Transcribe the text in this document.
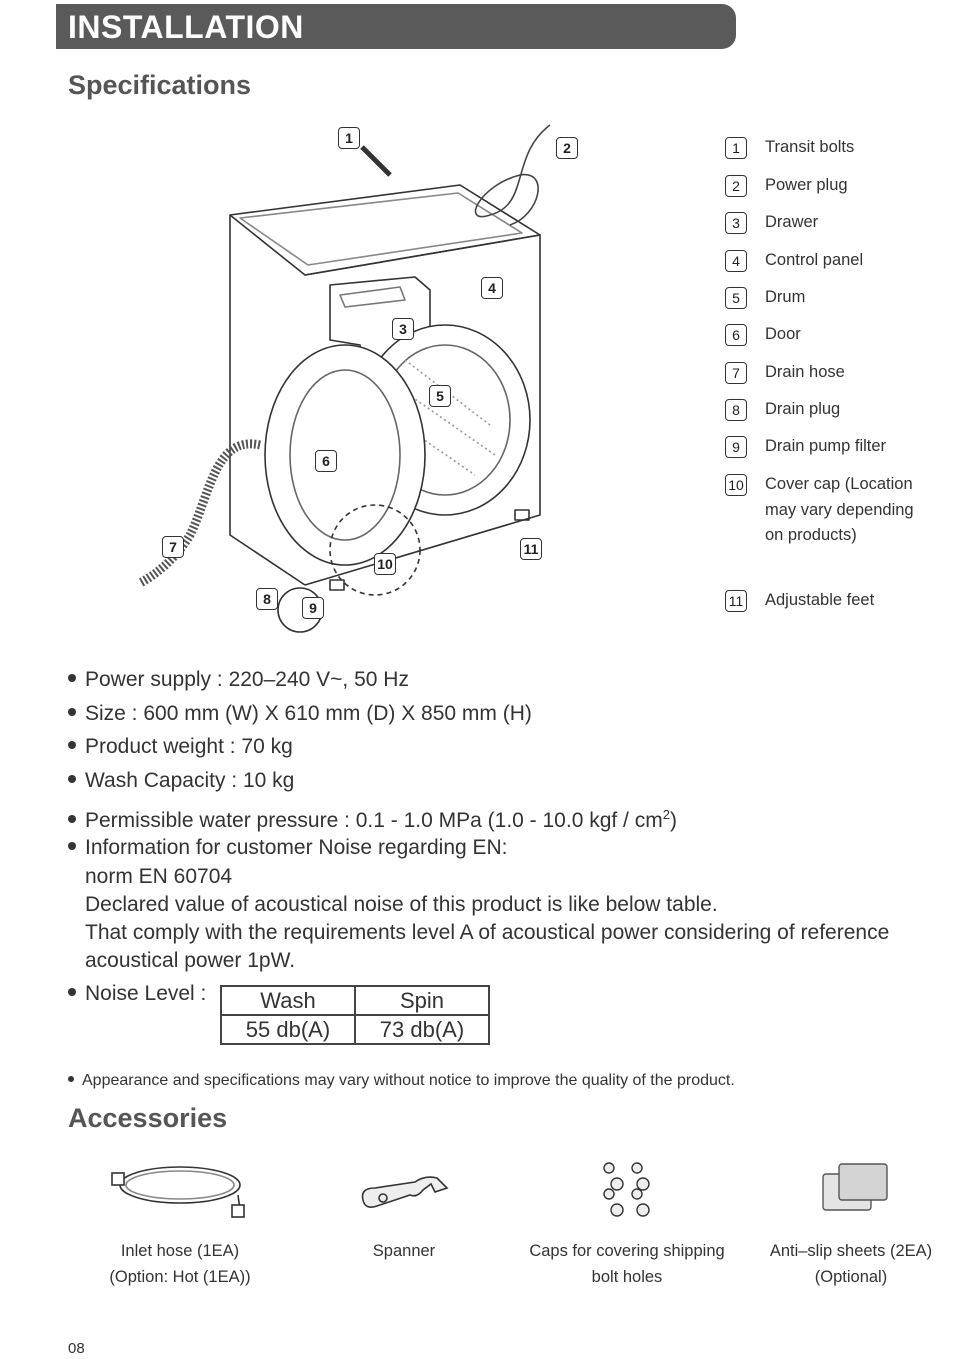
INSTALLATION
Specifications
1
2
3
4
5
6
7
8
9
10
11
1	Transit bolts
2	Power plug
3	Drawer
4	Control panel
5	Drum
6	Door
7	Drain hose
8	Drain plug
9	Drain pump filter
10 Cover cap (Location may vary depending on products)
11 Adjustable feet
Power supply : 220–240 V~, 50 Hz
Size : 600 mm (W) X 610 mm (D) X 850 mm (H)
Product weight : 70 kg
Wash Capacity : 10 kg
Permissible water pressure : 0.1 - 1.0 MPa (1.0 - 10.0 kgf / $cm^2$)
Information for customer Noise regarding EN:
norm EN 60704
Declared value of acoustical noise of this product is like below table.
That comply with the requirements level A of acoustical power considering of reference
acoustical power 1pW.
Noise Level : Wash	Spin
55 db(A)	73 db(A)
Appearance and specifications may vary without notice to improve the quality of the product.
Accessories
Inlet hose (1EA)
(Option: Hot (1EA))
Spanner	Caps for covering shipping
bolt holes
Anti–slip sheets (2EA)
(Optional)
08
